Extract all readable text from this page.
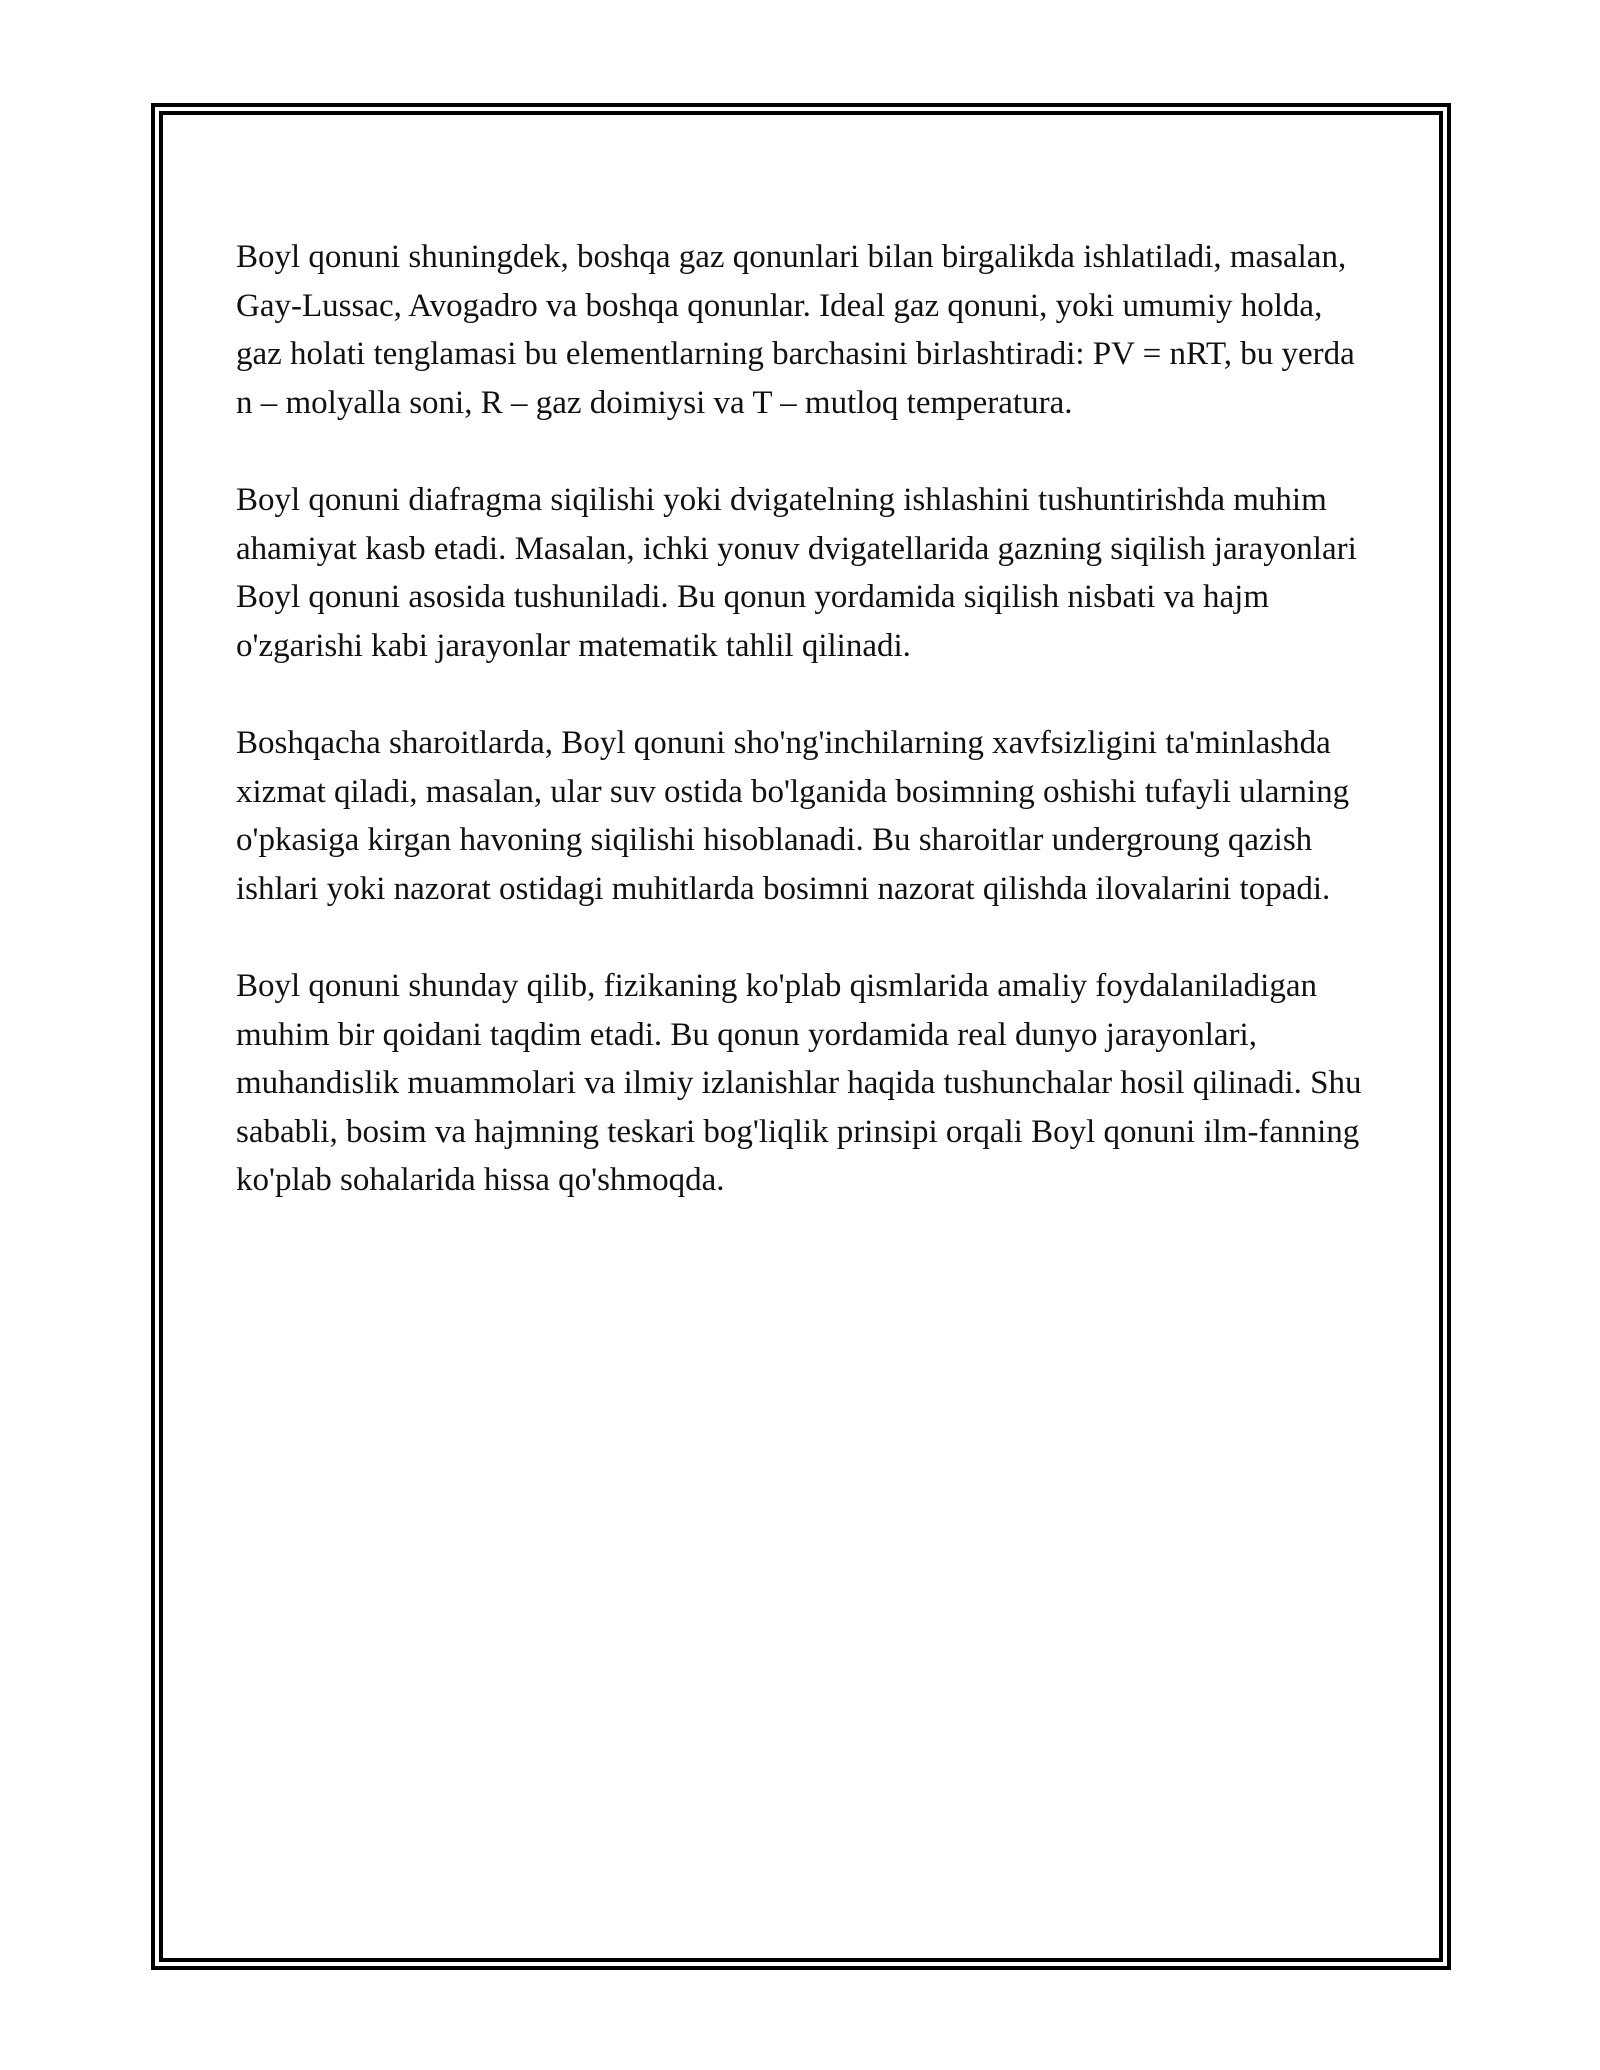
Boyl qonuni shuningdek, boshqa gaz qonunlari bilan birgalikda ishlatiladi, masalan, Gay-Lussac, Avogadro va boshqa qonunlar. Ideal gaz qonuni, yoki umumiy holda, gaz holati tenglamasi bu elementlarning barchasini birlashtiradi: PV = nRT, bu yerda n – molyalla soni, R – gaz doimiysi va T – mutloq temperatura.

Boyl qonuni diafragma siqilishi yoki dvigatelning ishlashini tushuntirishda muhim ahamiyat kasb etadi. Masalan, ichki yonuv dvigatellarida gazning siqilish jarayonlari Boyl qonuni asosida tushuniladi. Bu qonun yordamida siqilish nisbati va hajm o'zgarishi kabi jarayonlar matematik tahlil qilinadi.

Boshqacha sharoitlarda, Boyl qonuni sho'ng'inchilarning xavfsizligini ta'minlashda xizmat qiladi, masalan, ular suv ostida bo'lganida bosimning oshishi tufayli ularning o'pkasiga kirgan havoning siqilishi hisoblanadi. Bu sharoitlar undergroung qazish ishlari yoki nazorat ostidagi muhitlarda bosimni nazorat qilishda ilovalarini topadi.

Boyl qonuni shunday qilib, fizikaning ko'plab qismlarida amaliy foydalaniladigan muhim bir qoidani taqdim etadi. Bu qonun yordamida real dunyo jarayonlari, muhandislik muammolari va ilmiy izlanishlar haqida tushunchalar hosil qilinadi. Shu sababli, bosim va hajmning teskari bog'liqlik prinsipi orqali Boyl qonuni ilm-fanning ko'plab sohalarida hissa qo'shmoqda.
